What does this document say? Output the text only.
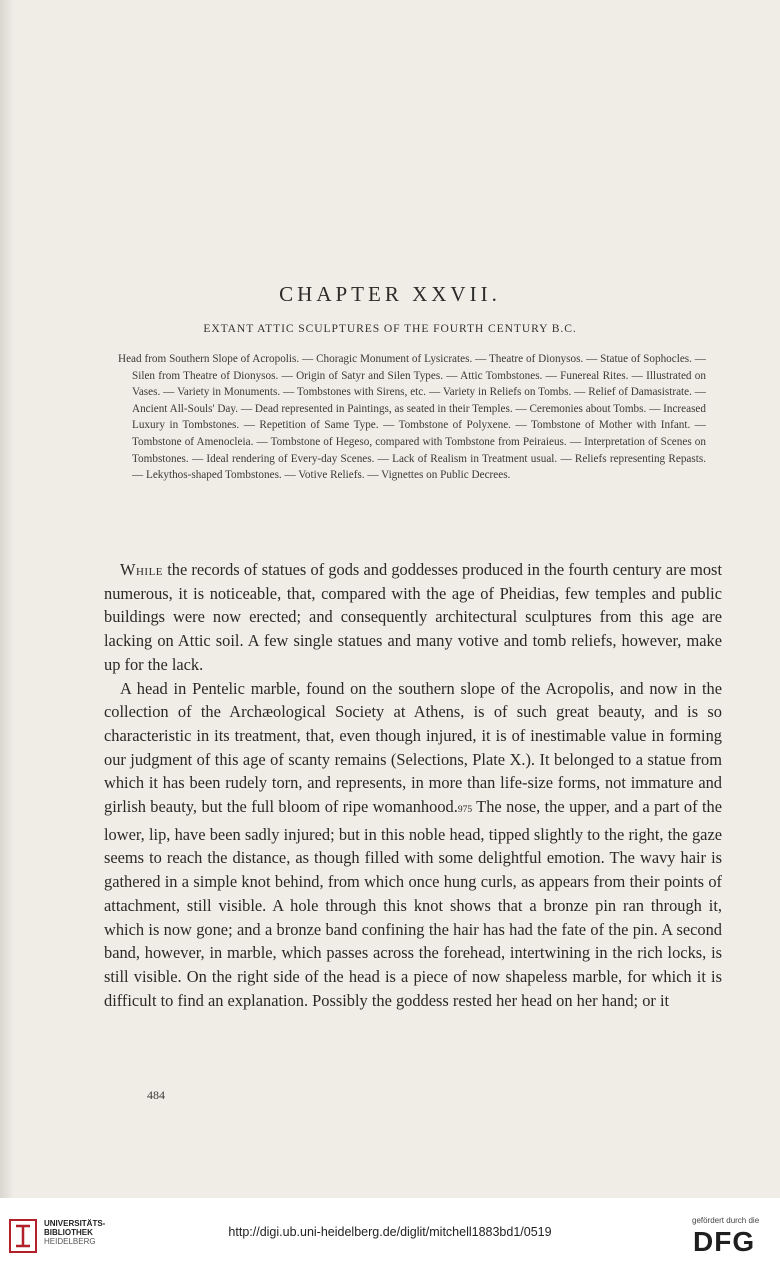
CHAPTER XXVII.
EXTANT ATTIC SCULPTURES OF THE FOURTH CENTURY B.C.
Head from Southern Slope of Acropolis. — Choragic Monument of Lysicrates. — Theatre of Dionysos. — Statue of Sophocles. — Silen from Theatre of Dionysos. — Origin of Satyr and Silen Types. — Attic Tombstones. — Funereal Rites. — Illustrated on Vases. — Variety in Monuments. — Tombstones with Sirens, etc. — Variety in Reliefs on Tombs. — Relief of Damasistrate. — Ancient All-Souls' Day. — Dead represented in Paintings, as seated in their Temples. — Ceremonies about Tombs. — Increased Luxury in Tombstones. — Repetition of Same Type. — Tombstone of Polyxene. — Tombstone of Mother with Infant. — Tombstone of Amenocleia. — Tombstone of Hegeso, compared with Tombstone from Peiraieus. — Interpretation of Scenes on Tombstones. — Ideal rendering of Every-day Scenes. — Lack of Realism in Treatment usual. — Reliefs representing Repasts. — Lekythos-shaped Tombstones. — Votive Reliefs. — Vignettes on Public Decrees.

While the records of statues of gods and goddesses produced in the fourth century are most numerous, it is noticeable, that, compared with the age of Pheidias, few temples and public buildings were now erected; and consequently architectural sculptures from this age are lacking on Attic soil. A few single statues and many votive and tomb reliefs, however, make up for the lack.

A head in Pentelic marble, found on the southern slope of the Acropolis, and now in the collection of the Archæological Society at Athens, is of such great beauty, and is so characteristic in its treatment, that, even though injured, it is of inestimable value in forming our judgment of this age of scanty remains (Selections, Plate X.). It belonged to a statue from which it has been rudely torn, and represents, in more than life-size forms, not immature and girlish beauty, but the full bloom of ripe womanhood.975 The nose, the upper, and a part of the lower, lip, have been sadly injured; but in this noble head, tipped slightly to the right, the gaze seems to reach the distance, as though filled with some delightful emotion. The wavy hair is gathered in a simple knot behind, from which once hung curls, as appears from their points of attachment, still visible. A hole through this knot shows that a bronze pin ran through it, which is now gone; and a bronze band confining the hair has had the fate of the pin. A second band, however, in marble, which passes across the forehead, intertwining in the rich locks, is still visible. On the right side of the head is a piece of now shapeless marble, for which it is difficult to find an explanation. Possibly the goddess rested her head on her hand; or it

484
UNIVERSITÄTS-
BIBLIOTHEK
HEIDELBERG
http://digi.ub.uni-heidelberg.de/diglit/mitchell1883bd1/0519
gefördert durch die
DFG
